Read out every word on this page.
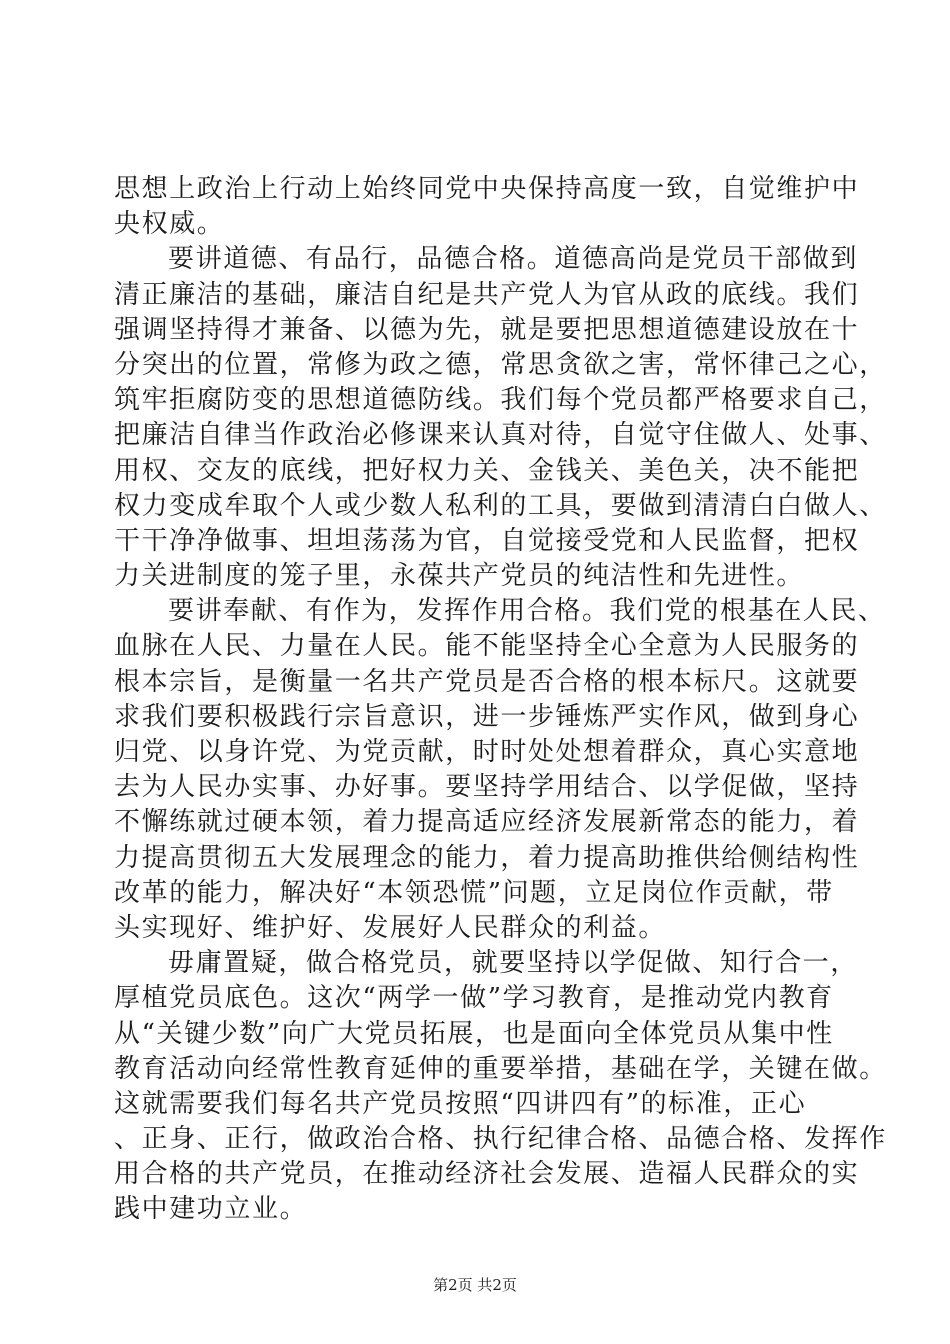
思想上政治上行动上始终同党中央保持高度一致，自觉维护中
央权威。
要讲道德、有品行，品德合格。道德高尚是党员干部做到
清正廉洁的基础，廉洁自纪是共产党人为官从政的底线。我们
强调坚持得才兼备、以德为先，就是要把思想道德建设放在十
分突出的位置，常修为政之德，常思贪欲之害，常怀律己之心，
筑牢拒腐防变的思想道德防线。我们每个党员都严格要求自己，
把廉洁自律当作政治必修课来认真对待，自觉守住做人、处事、
用权、交友的底线，把好权力关、金钱关、美色关，决不能把
权力变成牟取个人或少数人私利的工具，要做到清清白白做人、
干干净净做事、坦坦荡荡为官，自觉接受党和人民监督，把权
力关进制度的笼子里，永葆共产党员的纯洁性和先进性。
要讲奉献、有作为，发挥作用合格。我们党的根基在人民、
血脉在人民、力量在人民。能不能坚持全心全意为人民服务的
根本宗旨，是衡量一名共产党员是否合格的根本标尺。这就要
求我们要积极践行宗旨意识，进一步锤炼严实作风，做到身心
归党、以身许党、为党贡献，时时处处想着群众，真心实意地
去为人民办实事、办好事。要坚持学用结合、以学促做，坚持
不懈练就过硬本领，着力提高适应经济发展新常态的能力，着
力提高贯彻五大发展理念的能力，着力提高助推供给侧结构性
改革的能力，解决好“本领恐慌”问题，立足岗位作贡献，带
头实现好、维护好、发展好人民群众的利益。
毋庸置疑，做合格党员，就要坚持以学促做、知行合一，
厚植党员底色。这次“两学一做”学习教育，是推动党内教育
从“关键少数”向广大党员拓展，也是面向全体党员从集中性
教育活动向经常性教育延伸的重要举措，基础在学，关键在做。
这就需要我们每名共产党员按照“四讲四有”的标准，正心
、正身、正行，做政治合格、执行纪律合格、品德合格、发挥作
用合格的共产党员，在推动经济社会发展、造福人民群众的实
践中建功立业。
第2页 共2页
